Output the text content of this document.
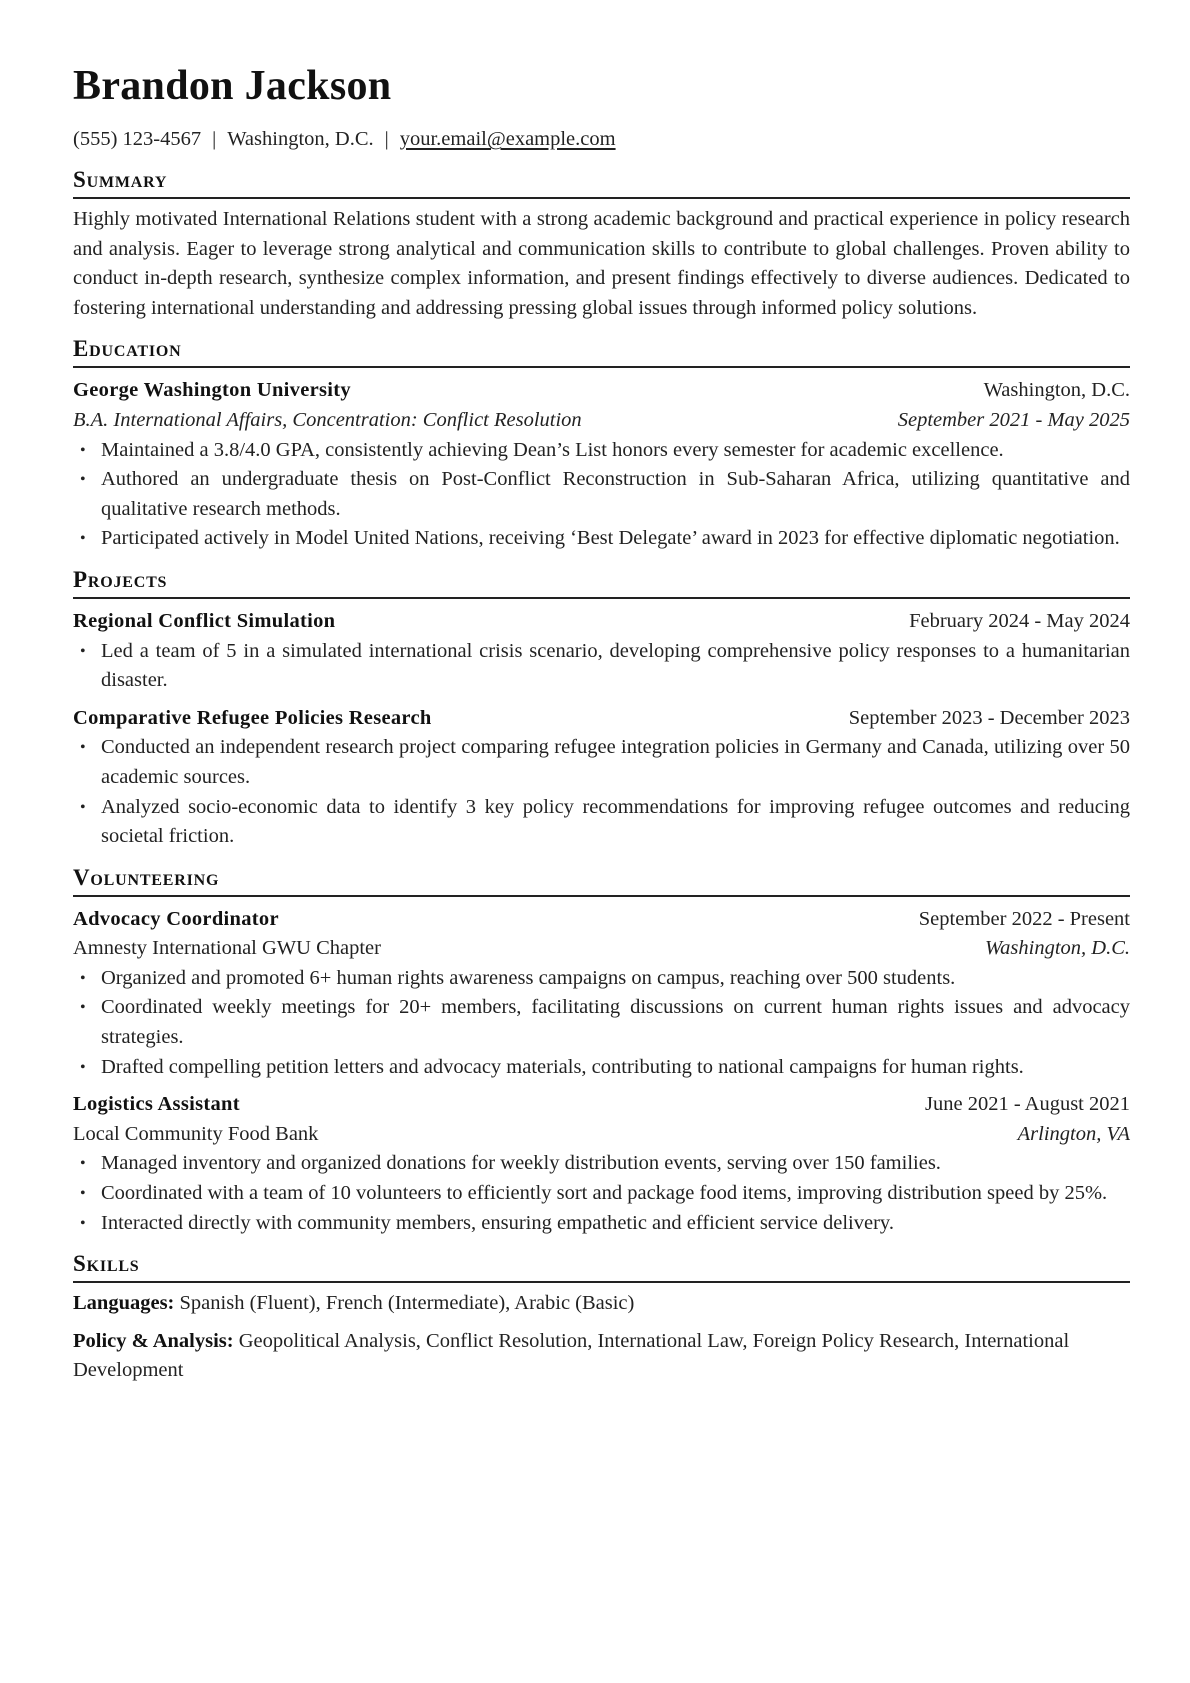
Brandon Jackson
(555) 123-4567 | Washington, D.C. | your.email@example.com
Summary
Highly motivated International Relations student with a strong academic background and practical experience in policy research and analysis. Eager to leverage strong analytical and communication skills to contribute to global challenges. Proven ability to conduct in-depth research, synthesize complex information, and present findings effectively to diverse audiences. Dedicated to fostering international understanding and addressing pressing global issues through informed policy solutions.
Education
George Washington University	Washington, D.C.
B.A. International Affairs, Concentration: Conflict Resolution	September 2021 - May 2025
• Maintained a 3.8/4.0 GPA, consistently achieving Dean’s List honors every semester for academic excellence.
• Authored an undergraduate thesis on Post-Conflict Reconstruction in Sub-Saharan Africa, utilizing quantitative and qualitative research methods.
• Participated actively in Model United Nations, receiving ‘Best Delegate’ award in 2023 for effective diplomatic negotiation.
Projects
Regional Conflict Simulation	February 2024 - May 2024
• Led a team of 5 in a simulated international crisis scenario, developing comprehensive policy responses to a humanitarian disaster.
Comparative Refugee Policies Research	September 2023 - December 2023
• Conducted an independent research project comparing refugee integration policies in Germany and Canada, utilizing over 50 academic sources.
• Analyzed socio-economic data to identify 3 key policy recommendations for improving refugee outcomes and reducing societal friction.
Volunteering
Advocacy Coordinator	September 2022 - Present
Amnesty International GWU Chapter	Washington, D.C.
• Organized and promoted 6+ human rights awareness campaigns on campus, reaching over 500 students.
• Coordinated weekly meetings for 20+ members, facilitating discussions on current human rights issues and advocacy strategies.
• Drafted compelling petition letters and advocacy materials, contributing to national campaigns for human rights.
Logistics Assistant	June 2021 - August 2021
Local Community Food Bank	Arlington, VA
• Managed inventory and organized donations for weekly distribution events, serving over 150 families.
• Coordinated with a team of 10 volunteers to efficiently sort and package food items, improving distribution speed by 25%.
• Interacted directly with community members, ensuring empathetic and efficient service delivery.
Skills
Languages: Spanish (Fluent), French (Intermediate), Arabic (Basic)
Policy & Analysis: Geopolitical Analysis, Conflict Resolution, International Law, Foreign Policy Research, International Development
